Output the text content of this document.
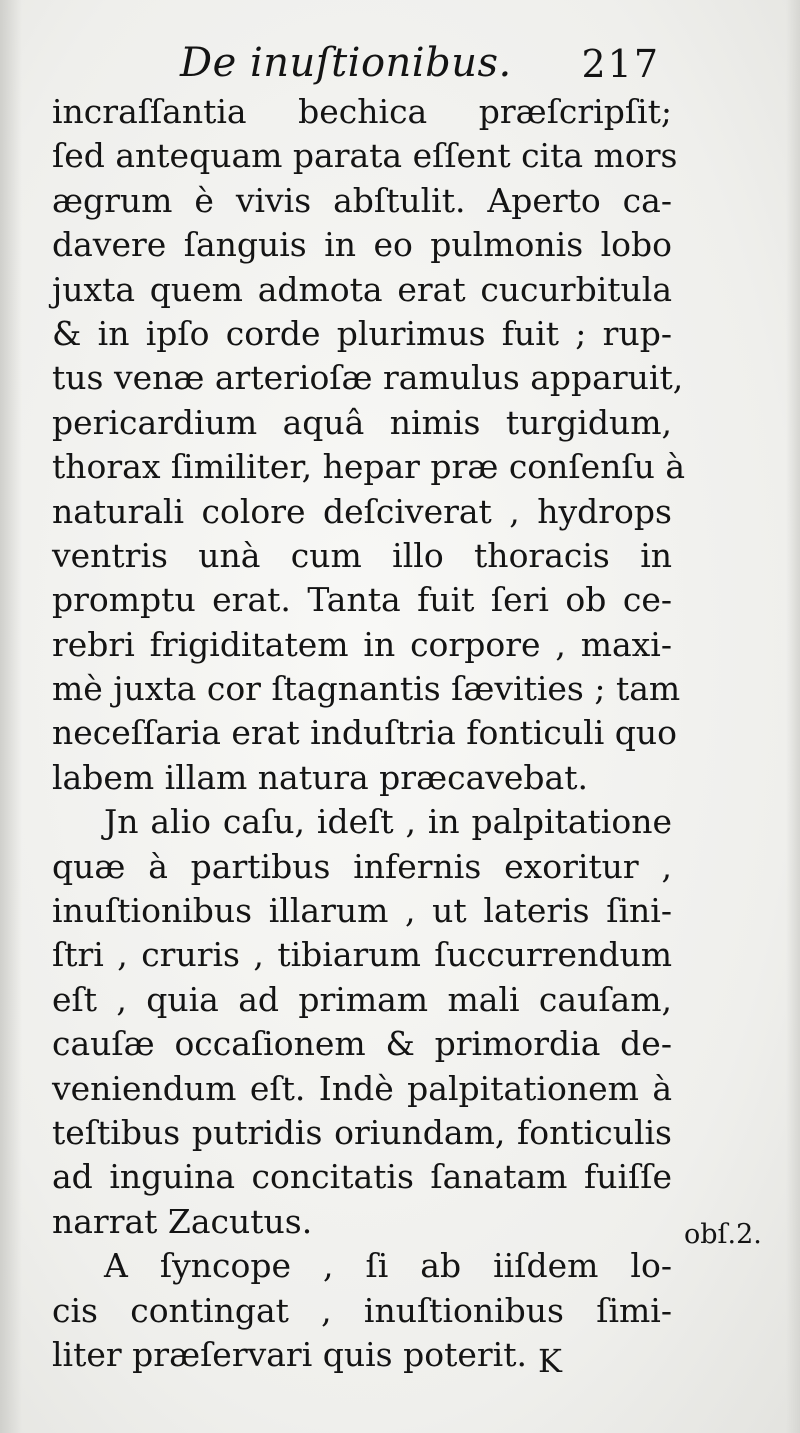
De inuſtionibus. 217
incraſſantia bechica præſcripſit;
ſed antequam parata eſſent cita mors
ægrum è vivis abſtulit. Aperto ca-
davere ſanguis in eo pulmonis lobo
juxta quem admota erat cucurbitula
& in ipſo corde plurimus fuit ; rup-
tus venæ arterioſæ ramulus apparuit,
pericardium aquâ nimis turgidum,
thorax ſimiliter, hepar præ conſenſu à
naturali colore deſciverat , hydrops
ventris unà cum illo thoracis in
promptu erat. Tanta fuit ſeri ob ce-
rebri frigiditatem in corpore , maxi-
mè juxta cor ſtagnantis ſævities ; tam
neceſſaria erat induſtria fonticuli quo
labem illam natura præcavebat.
Jn alio caſu, ideſt , in palpitatione
quæ à partibus infernis exoritur ,
inuſtionibus illarum , ut lateris ſini-
ſtri , cruris , tibiarum ſuccurrendum
eſt , quia ad primam mali cauſam,
cauſæ occaſionem & primordia de-
veniendum eſt. Indè palpitationem à
teſtibus putridis oriundam, fonticulis
ad inguina concitatis ſanatam fuiſſe
narrat Zacutus.
A ſyncope , ſi ab iiſdem lo-
cis contingat , inuſtionibus ſimi-
liter præſervari quis poterit.
obſ.2.
K
